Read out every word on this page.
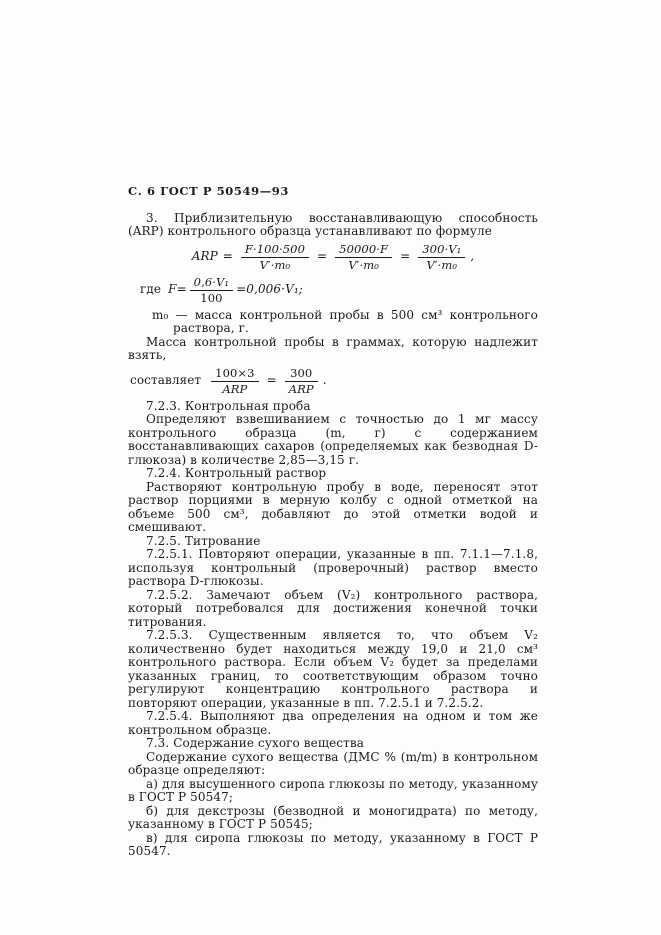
С. 6 ГОСТ Р 50549—93

3. Приблизительную восстанавливающую способность (ARP) контрольного образца устанавливают по формуле

ARP = $\frac{F\cdot 100\cdot 500}{\text{V′·m₀}} = \frac{50000\cdot F}{\text{V′·m₀}} = \frac{\text{300·V₁}}{\text{V′·m₀}}$ ,
где $F= \frac{\text{0,6·V₁}}{100} =0,006\cdot V_1$;

m₀ — масса контрольной пробы в 500 см³ контрольного раствора, г.

Масса контрольной пробы в граммах, которую надлежит взять,

составляет $\frac{100\times 3}{\text{ARP}} = \frac{300}{\text{ARP}}$ .

7.2.3. Контрольная проба

Определяют взвешиванием с точностью до 1 мг массу контрольного образца (m, г) с содержанием восстанавливающих сахаров (определяемых как безводная D-глюкоза) в количестве 2,85—3,15 г.

7.2.4. Контрольный раствор

Растворяют контрольную пробу в воде, переносят этот раствор порциями в мерную колбу с одной отметкой на объеме 500 см³, добавляют до этой отметки водой и смешивают.

7.2.5. Титрование

7.2.5.1. Повторяют операции, указанные в пп. 7.1.1—7.1.8, используя контрольный (проверочный) раствор вместо раствора D-глюкозы.

7.2.5.2. Замечают объем (V₂) контрольного раствора, который потребовался для достижения конечной точки титрования.

7.2.5.3. Существенным является то, что объем V₂ количественно будет находиться между 19,0 и 21,0 см³ контрольного раствора. Если объем V₂ будет за пределами указанных границ, то соответствующим образом точно регулируют концентрацию контрольного раствора и повторяют операции, указанные в пп. 7.2.5.1 и 7.2.5.2.

7.2.5.4. Выполняют два определения на одном и том же контрольном образце.

7.3. Содержание сухого вещества

Содержание сухого вещества (ДМС % (m/m) в контрольном образце определяют:

а) для высушенного сиропа глюкозы по методу, указанному в ГОСТ Р 50547;

б) для декстрозы (безводной и моногидрата) по методу, указанному в ГОСТ Р 50545;

в) для сиропа глюкозы по методу, указанному в ГОСТ Р 50547.
